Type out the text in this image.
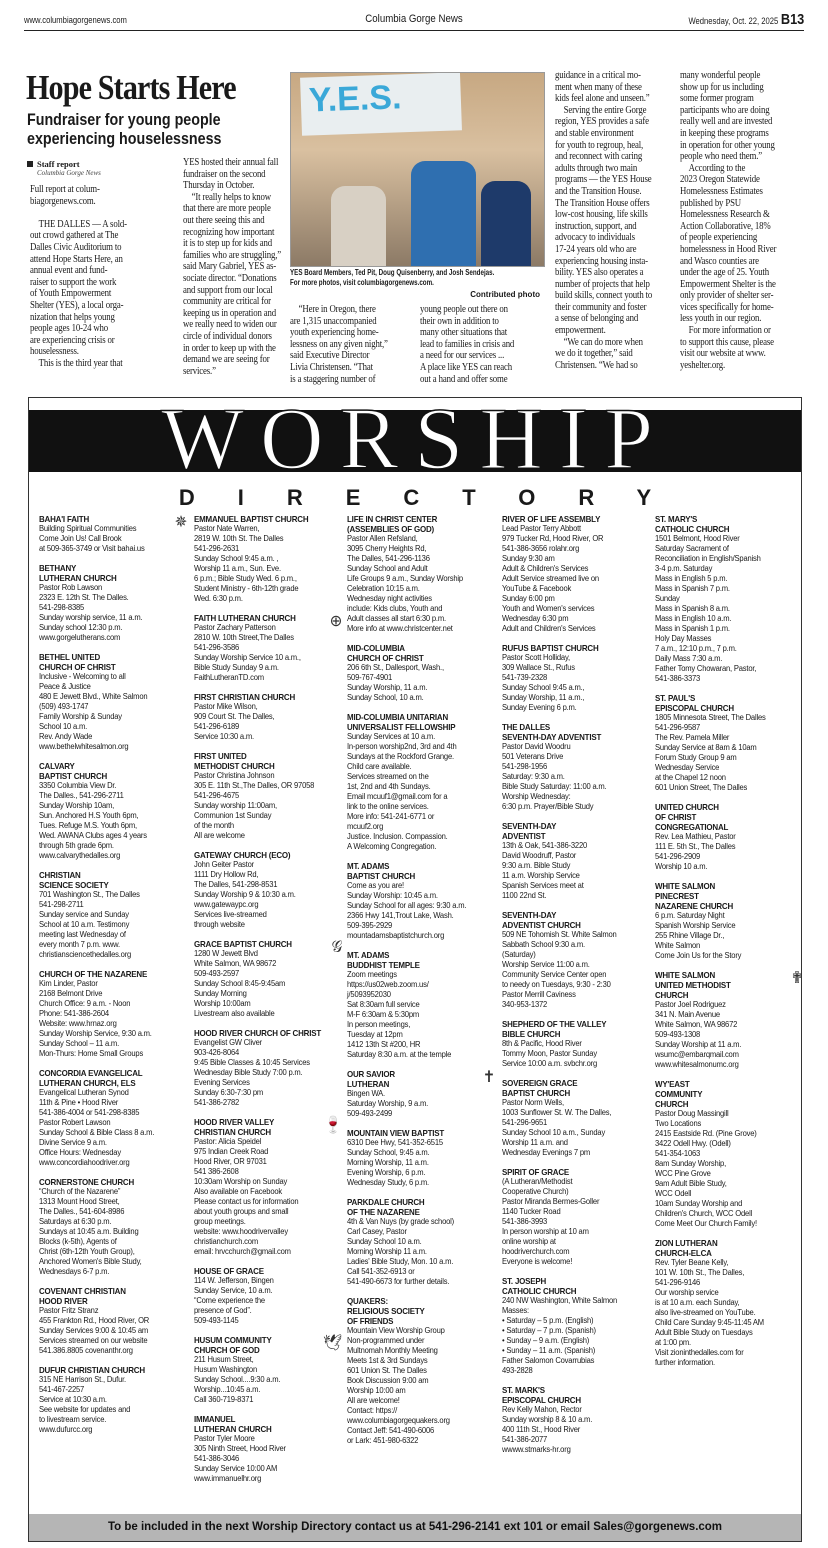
www.columbiagorgenews.com	Columbia Gorge News	Wednesday, Oct. 22, 2025 B13
Hope Starts Here
Fundraiser for young people
experiencing houselessness
Staff report
Columbia Gorge News
Full report at colum-
biagorgenews.com.

 THE DALLES — A sold-
out crowd gathered at The
Dalles Civic Auditorium to
attend Hope Starts Here, an
annual event and fund-
raiser to support the work
of Youth Empowerment
Shelter (YES), a local orga-
nization that helps young
people ages 10-24 who
are experiencing crisis or
houselessness.
 This is the third year that
YES hosted their annual fall
fundraiser on the second
Thursday in October.
 “It really helps to know
that there are more people
out there seeing this and
recognizing how important
it is to step up for kids and
families who are struggling,”
said Mary Gabriel, YES as-
sociate director. “Donations
and support from our local
community are critical for
keeping us in operation and
we really need to widen our
circle of individual donors
in order to keep up with the
demand we are seeing for
services.”
Y.E.S.
YES Board Members, Ted Pit, Doug Quisenberry, and Josh Sendejas.
For more photos, visit columbiagorgenews.com.
Contributed photo
 “Here in Oregon, there
are 1,315 unaccompanied
youth experiencing home-
lessness on any given night,”
said Executive Director
Livia Christensen. “That
is a staggering number of
young people out there on
their own in addition to
many other situations that
lead to families in crisis and
a need for our services ...
A place like YES can reach
out a hand and offer some
guidance in a critical mo-
ment when many of these
kids feel alone and unseen.”
 Serving the entire Gorge
region, YES provides a safe
and stable environment
for youth to regroup, heal,
and reconnect with caring
adults through two main
programs — the YES House
and the Transition House.
The Transition House offers
low-cost housing, life skills
instruction, support, and
advocacy to individuals
17-24 years old who are
experiencing housing insta-
bility. YES also operates a
number of projects that help
build skills, connect youth to
their community and foster
a sense of belonging and
empowerment.
 “We can do more when
we do it together,” said
Christensen. “We had so
many wonderful people
show up for us including
some former program
participants who are doing
really well and are invested
in keeping these programs
in operation for other young
people who need them.”
 According to the
2023 Oregon Statewide
Homelessness Estimates
published by PSU
Homelessness Research &
Action Collaborative, 18%
of people experiencing
homelessness in Hood River
and Wasco counties are
under the age of 25. Youth
Empowerment Shelter is the
only provider of shelter ser-
vices specifically for home-
less youth in our region.
 For more information or
to support this cause, please
visit our website at www.
yeshelter.org.
WORSHIP
DIRECTORY
✵
BAHA'I FAITH
Building Spiritual Communities
Come Join Us! Call Brook
at 509-365-3749 or Visit bahai.us
BETHANY
LUTHERAN CHURCH
Pastor Rob Lawson
2323 E. 12th St. The Dalles.
541-298-8385
Sunday worship service, 11 a.m.
Sunday school 12:30 p.m.
www.gorgelutherans.com
BETHEL UNITED
CHURCH OF CHRIST
Inclusive - Welcoming to all
Peace & Justice
480 E Jewett Blvd., White Salmon
(509) 493-1747
Family Worship & Sunday
School 10 a.m.
Rev. Andy Wade
www.bethelwhitesalmon.org
CALVARY
BAPTIST CHURCH
3350 Columbia View Dr.
The Dalles., 541-296-2711
Sunday Worship 10am,
Sun. Anchored H.S Youth 6pm,
Tues. Refuge M.S. Youth 6pm,
Wed. AWANA Clubs ages 4 years
through 5th grade 6pm.
www.calvarythedalles.org
CHRISTIAN
SCIENCE SOCIETY
701 Washington St., The Dalles
541-298-2711
Sunday service and Sunday
School at 10 a.m. Testimony
meeting last Wednesday of
every month 7 p.m. www.
christiansciencethedalles.org
CHURCH OF THE NAZARENE
Kim Linder, Pastor
2168 Belmont Drive
Church Office: 9 a.m. - Noon
Phone: 541-386-2604
Website: www.hrnaz.org
Sunday Worship Service, 9:30 a.m.
Sunday School – 11 a.m.
Mon-Thurs: Home Small Groups
CONCORDIA EVANGELICAL
LUTHERAN CHURCH, ELS
Evangelical Lutheran Synod
11th & Pine • Hood River
541-386-4004 or 541-298-8385
Pastor Robert Lawson
Sunday School & Bible Class 8 a.m.
Divine Service 9 a.m.
Office Hours: Wednesday
www.concordiahoodriver.org
CORNERSTONE CHURCH
“Church of the Nazarene”
1313 Mount Hood Street,
The Dalles., 541-604-8986
Saturdays at 6:30 p.m.
Sundays at 10:45 a.m. Building
Blocks (k-5th), Agents of
Christ (6th-12th Youth Group),
Anchored Women's Bible Study,
Wednesdays 6-7 p.m.
COVENANT CHRISTIAN
HOOD RIVER
Pastor Fritz Stranz
455 Frankton Rd., Hood River, OR
Sunday Services 9:00 & 10:45 am
Services streamed on our website
541.386.8805 covenanthr.org
DUFUR CHRISTIAN CHURCH
315 NE Harrison St., Dufur.
541-467-2257
Service at 10:30 a.m.
See website for updates and
to livestream service.
www.dufurcc.org
EMMANUEL BAPTIST CHURCH
Pastor Nate Warren,
2819 W. 10th St. The Dalles
541-296-2631
Sunday School 9:45 a.m. ,
Worship 11 a.m., Sun. Eve.
6 p.m.; Bible Study Wed. 6 p.m.,
Student Ministry - 6th-12th grade
Wed. 6:30 p.m.
⊕
FAITH LUTHERAN CHURCH
Pastor Zachary Patterson
2810 W. 10th Street,The Dalles
541-296-3586
Sunday Worship Service 10 a.m.,
Bible Study Sunday 9 a.m.
FaithLutheranTD.com
FIRST CHRISTIAN CHURCH
Pastor Mike Wilson,
909 Court St. The Dalles,
541-296-6189
Service 10:30 a.m.
FIRST UNITED
METHODIST CHURCH
Pastor Christina Johnson
305 E. 11th St.,The Dalles, OR 97058
541-296-4675
Sunday worship 11:00am,
Communion 1st Sunday
of the month
All are welcome
GATEWAY CHURCH (ECO)
John Geiter Pastor
1111 Dry Hollow Rd,
The Dalles, 541-298-8531
Sunday Worship 9 & 10:30 a.m.
www.gatewaypc.org
Services live-streamed
through website
𝒢
GRACE BAPTIST CHURCH
1280 W Jewett Blvd
White Salmon, WA 98672
509-493-2597
Sunday School 8:45-9:45am
Sunday Morning
Worship 10:00am
Livestream also available
HOOD RIVER CHURCH OF CHRIST
Evangelist GW Cliver
903-426-8064
9:45 Bible Classes & 10:45 Services
Wednesday Bible Study 7:00 p.m.
Evening Services
Sunday 6:30-7:30 pm
541-386-2782
🍷
HOOD RIVER VALLEY
CHRISTIAN CHURCH
Pastor: Alicia Speidel
975 Indian Creek Road
Hood River, OR 97031
541 386-2608
10:30am Worship on Sunday
Also available on Facebook
Please contact us for information
about youth groups and small
group meetings.
website: www.hoodrivervalley
christianchurch.com
email: hrvcchurch@gmail.com
HOUSE OF GRACE
114 W. Jefferson, Bingen
Sunday Service, 10 a.m.
“Come experience the
presence of God”.
509-493-1145
🕊
HUSUM COMMUNITY
CHURCH OF GOD
211 Husum Street,
Husum Washington
Sunday School....9:30 a.m.
Worship...10:45 a.m.
Call 360-719-8371
IMMANUEL
LUTHERAN CHURCH
Pastor Tyler Moore
305 Ninth Street, Hood River
541-386-3046
Sunday Service 10:00 AM
www.immanuelhr.org
LIFE IN CHRIST CENTER
(ASSEMBLIES OF GOD)
Pastor Allen Refsland,
3095 Cherry Heights Rd,
The Dalles, 541-296-1136
Sunday School and Adult
Life Groups 9 a.m., Sunday Worship
Celebration 10:15 a.m.
Wednesday night activities
include: Kids clubs, Youth and
Adult classes all start 6:30 p.m.
More info at www.christcenter.net
MID-COLUMBIA
CHURCH OF CHRIST
206 6th St., Dallesport, Wash.,
509-767-4901
Sunday Worship, 11 a.m.
Sunday School, 10 a.m.
MID-COLUMBIA UNITARIAN
UNIVERSALIST FELLOWSHIP
Sunday Services at 10 a.m.
In-person worship2nd, 3rd and 4th
Sundays at the Rockford Grange.
Child care available.
Services streamed on the
1st, 2nd and 4th Sundays.
Email mcuuf1@gmail.com for a
link to the online services.
More info: 541-241-6771 or
mcuuf2.org
Justice. Inclusion. Compassion.
A Welcoming Congregation.
MT. ADAMS
BAPTIST CHURCH
Come as you are!
Sunday Worship: 10:45 a.m.
Sunday School for all ages: 9:30 a.m.
2366 Hwy 141,Trout Lake, Wash.
509-395-2929
mountadamsbaptistchurch.org
MT. ADAMS
BUDDHIST TEMPLE
Zoom meetings
https://us02web.zoom.us/
j/5093952030
Sat 8:30am full service
M-F 6:30am & 5:30pm
In person meetings,
Tuesday at 12pm
1412 13th St #200, HR
Saturday 8:30 a.m. at the temple
✝
OUR SAVIOR
LUTHERAN
Bingen WA.
Saturday Worship, 9 a.m.
509-493-2499
MOUNTAIN VIEW BAPTIST
6310 Dee Hwy, 541-352-6515
Sunday School, 9:45 a.m.
Morning Worship, 11 a.m.
Evening Worship, 6 p.m.
Wednesday Study, 6 p.m.
PARKDALE CHURCH
OF THE NAZARENE
4th & Van Nuys (by grade school)
Carl Casey, Pastor
Sunday School 10 a.m.
Morning Worship 11 a.m.
Ladies' Bible Study, Mon. 10 a.m.
Call 541-352-6913 or
541-490-6673 for further details.
QUAKERS:
RELIGIOUS SOCIETY
OF FRIENDS
Mountain View Worship Group
Non-programmed under
Multnomah Monthly Meeting
Meets 1st & 3rd Sundays
601 Union St. The Dalles
Book Discussion 9:00 am
Worship 10:00 am
All are welcome!
Contact: https://
www.columbiagorgequakers.org
Contact Jeff: 541-490-6006
or Lark: 451-980-6322
RIVER OF LIFE ASSEMBLY
Lead Pastor Terry Abbott
979 Tucker Rd, Hood River, OR
541-386-3656 rolahr.org
Sunday 9:30 am
Adult & Children's Services
Adult Service streamed live on
YouTube & Facebook
Sunday 6:00 pm
Youth and Women's services
Wednesday 6:30 pm
Adult and Children's Services
RUFUS BAPTIST CHURCH
Pastor Scott Holliday,
309 Wallace St., Rufus
541-739-2328
Sunday School 9:45 a.m.,
Sunday Worship, 11 a.m.,
Sunday Evening 6 p.m.
THE DALLES
SEVENTH-DAY ADVENTIST
Pastor David Woodru
501 Veterans Drive
541-298-1956
Saturday: 9:30 a.m.
Bible Study Saturday: 11:00 a.m.
Worship Wednesday:
6:30 p.m. Prayer/Bible Study
SEVENTH-DAY
ADVENTIST
13th & Oak, 541-386-3220
David Woodruff, Pastor
9:30 a.m. Bible Study
11 a.m. Worship Service
Spanish Services meet at
1100 22nd St.
SEVENTH-DAY
ADVENTIST CHURCH
509 NE Tohomish St. White Salmon
Sabbath School 9:30 a.m.
(Saturday)
Worship Service 11:00 a.m.
Community Service Center open
to needy on Tuesdays, 9:30 - 2:30
Pastor Merrill Caviness
340-953-1372
SHEPHERD OF THE VALLEY
BIBLE CHURCH
8th & Pacific, Hood River
Tommy Moon, Pastor Sunday
Service 10:00 a.m. svbchr.org
SOVEREIGN GRACE
BAPTIST CHURCH
Pastor Norm Wells,
1003 Sunflower St. W. The Dalles,
541-296-9651
Sunday School 10 a.m., Sunday
Worship 11 a.m. and
Wednesday Evenings 7 pm
SPIRIT OF GRACE
(A Lutheran/Methodist
Cooperative Church)
Pastor Miranda Bermes-Goller
1140 Tucker Road
541-386-3993
In person worship at 10 am
online worship at
hoodriverchurch.com
Everyone is welcome!
ST. JOSEPH
CATHOLIC CHURCH
240 NW Washington, White Salmon
Masses:
• Saturday – 5 p.m. (English)
• Saturday – 7 p.m. (Spanish)
• Sunday – 9 a.m. (English)
• Sunday – 11 a.m. (Spanish)
Father Salomon Covarrubias
493-2828
ST. MARK'S
EPISCOPAL CHURCH
Rev Kelly Mahon, Rector
Sunday worship 8 & 10 a.m.
400 11th St., Hood River
541-386-2077
wwww.stmarks-hr.org
ST. MARY'S
CATHOLIC CHURCH
1501 Belmont, Hood River
Saturday Sacrament of
Reconciliation in English/Spanish
3-4 p.m. Saturday
Mass in English 5 p.m.
Mass in Spanish 7 p.m.
Sunday
Mass in Spanish 8 a.m.
Mass in English 10 a.m.
Mass in Spanish 1 p.m.
Holy Day Masses
7 a.m., 12:10 p.m., 7 p.m.
Daily Mass 7:30 a.m.
Father Tomy Chowaran, Pastor,
541-386-3373
ST. PAUL'S
EPISCOPAL CHURCH
1805 Minnesota Street, The Dalles
541-296-9587
The Rev. Pamela Miller
Sunday Service at 8am & 10am
Forum Study Group 9 am
Wednesday Service
at the Chapel 12 noon
601 Union Street, The Dalles
UNITED CHURCH
OF CHRIST
CONGREGATIONAL
Rev. Lea Mathieu, Pastor
111 E. 5th St., The Dalles
541-296-2909
Worship 10 a.m.
WHITE SALMON
PINECREST
NAZARENE CHURCH
6 p.m. Saturday Night
Spanish Worship Service
255 Rhine Village Dr.,
White Salmon
Come Join Us for the Story
✟
WHITE SALMON
UNITED METHODIST
CHURCH
Pastor Joel Rodriguez
341 N. Main Avenue
White Salmon, WA 98672
509-493-1308
Sunday Worship at 11 a.m.
wsumc@embarqmail.com
www.whitesalmonumc.org
WY'EAST
COMMUNITY
CHURCH
Pastor Doug Massingill
Two Locations
2415 Eastside Rd. (Pine Grove)
3422 Odell Hwy. (Odell)
541-354-1063
8am Sunday Worship,
WCC Pine Grove
9am Adult Bible Study,
WCC Odell
10am Sunday Worship and
Children's Church, WCC Odell
Come Meet Our Church Family!
ZION LUTHERAN
CHURCH-ELCA
Rev. Tyler Beane Kelly,
101 W. 10th St., The Dalles,
541-296-9146
Our worship service
is at 10 a.m. each Sunday,
also live-streamed on YouTube.
Child Care Sunday 9:45-11:45 AM
Adult Bible Study on Tuesdays
at 1:00 pm.
Visit zioninthedalles.com for
further information.
To be included in the next Worship Directory contact us at 541-296-2141 ext 101 or email Sales@gorgenews.com
